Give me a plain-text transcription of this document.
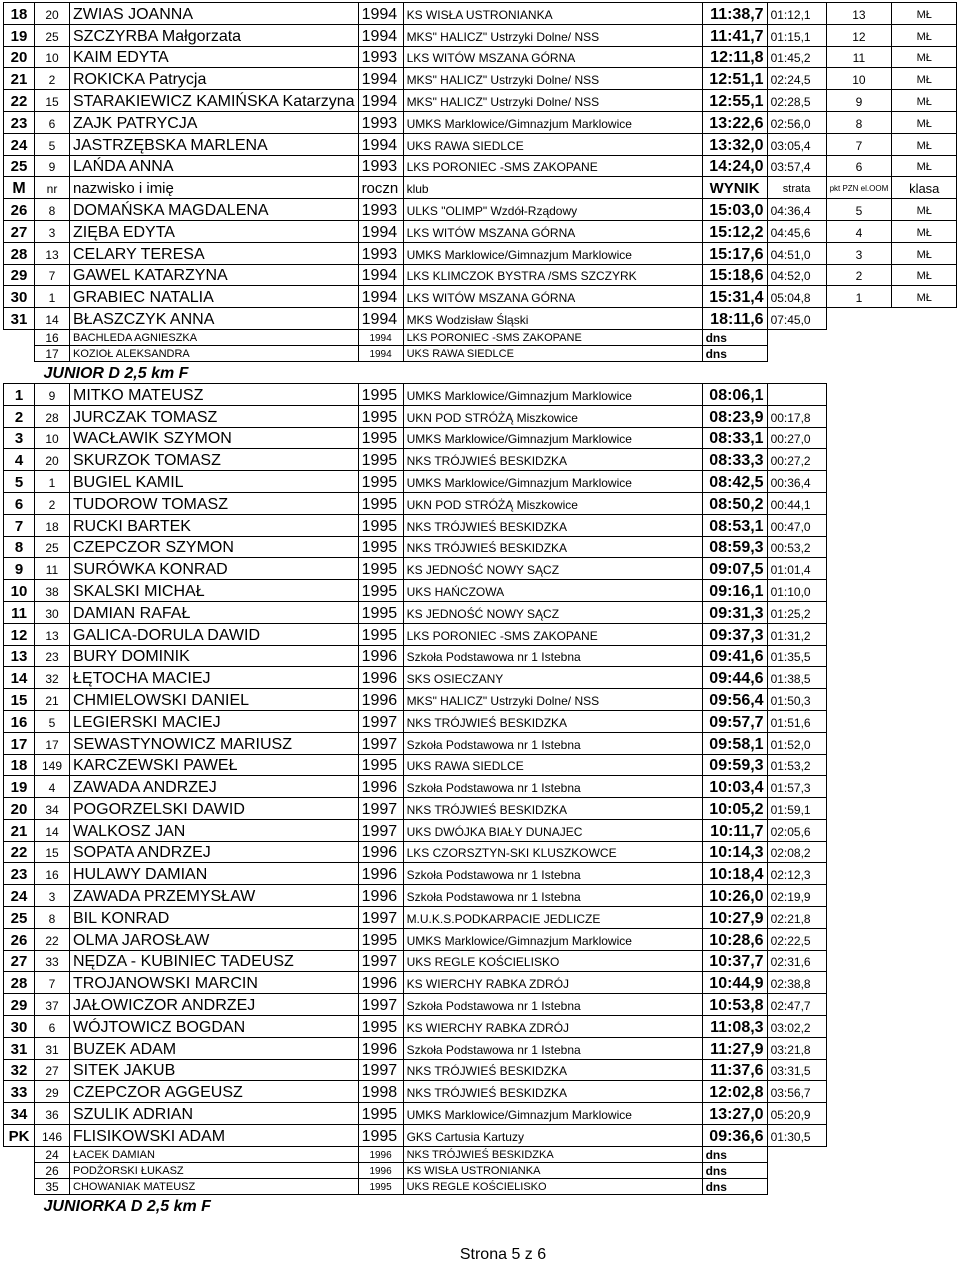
18	20	ZWIAS JOANNA	1994	KS WISŁA USTRONIANKA	11:38,7	01:12,1	13	MŁ
19	25	SZCZYRBA Małgorzata	1994	MKS" HALICZ" Ustrzyki Dolne/ NSS	11:41,7	01:15,1	12	MŁ
20	10	KAIM EDYTA	1993	LKS WITÓW MSZANA GÓRNA	12:11,8	01:45,2	11	MŁ
21	2	ROKICKA Patrycja	1994	MKS" HALICZ" Ustrzyki Dolne/ NSS	12:51,1	02:24,5	10	MŁ
22	15	STARAKIEWICZ KAMIŃSKA Katarzyna	1994	MKS" HALICZ" Ustrzyki Dolne/ NSS	12:55,1	02:28,5	9	MŁ
23	6	ZAJK PATRYCJA	1993	UMKS Marklowice/Gimnazjum Marklowice	13:22,6	02:56,0	8	MŁ
24	5	JASTRZĘBSKA MARLENA	1994	UKS RAWA SIEDLCE	13:32,0	03:05,4	7	MŁ
25	9	LAŃDA ANNA	1993	LKS PORONIEC -SMS ZAKOPANE	14:24,0	03:57,4	6	MŁ
M	nr	nazwisko i imię	roczn	klub	WYNIK	strata	pkt PZN el.OOM	klasa
26	8	DOMAŃSKA MAGDALENA	1993	ULKS "OLIMP" Wzdół-Rządowy	15:03,0	04:36,4	5	MŁ
27	3	ZIĘBA EDYTA	1994	LKS WITÓW MSZANA GÓRNA	15:12,2	04:45,6	4	MŁ
28	13	CELARY TERESA	1993	UMKS Marklowice/Gimnazjum Marklowice	15:17,6	04:51,0	3	MŁ
29	7	GAWEL KATARZYNA	1994	LKS KLIMCZOK BYSTRA /SMS SZCZYRK	15:18,6	04:52,0	2	MŁ
30	1	GRABIEC NATALIA	1994	LKS WITÓW MSZANA GÓRNA	15:31,4	05:04,8	1	MŁ
31	14	BŁASZCZYK ANNA	1994	MKS Wodzisław Śląski	18:11,6	07:45,0		
	16	BACHLEDA AGNIESZKA	1994	LKS PORONIEC -SMS ZAKOPANE	dns			
	17	KOZIOŁ ALEKSANDRA	1994	UKS RAWA SIEDLCE	dns			
JUNIOR D 2,5 km F								
1	9	MITKO MATEUSZ	1995	UMKS Marklowice/Gimnazjum Marklowice	08:06,1			
2	28	JURCZAK TOMASZ	1995	UKN POD STRÓŻĄ Miszkowice	08:23,9	00:17,8		
3	10	WACŁAWIK SZYMON	1995	UMKS Marklowice/Gimnazjum Marklowice	08:33,1	00:27,0		
4	20	SKURZOK TOMASZ	1995	NKS TRÓJWIEŚ BESKIDZKA	08:33,3	00:27,2		
5	1	BUGIEL KAMIL	1995	UMKS Marklowice/Gimnazjum Marklowice	08:42,5	00:36,4		
6	2	TUDOROW TOMASZ	1995	UKN POD STRÓŻĄ Miszkowice	08:50,2	00:44,1		
7	18	RUCKI BARTEK	1995	NKS TRÓJWIEŚ BESKIDZKA	08:53,1	00:47,0		
8	25	CZEPCZOR SZYMON	1995	NKS TRÓJWIEŚ BESKIDZKA	08:59,3	00:53,2		
9	11	SURÓWKA KONRAD	1995	KS JEDNOŚĆ NOWY SĄCZ	09:07,5	01:01,4		
10	38	SKALSKI MICHAŁ	1995	UKS HAŃCZOWA	09:16,1	01:10,0		
11	30	DAMIAN RAFAŁ	1995	KS JEDNOŚĆ NOWY SĄCZ	09:31,3	01:25,2		
12	13	GALICA-DORULA DAWID	1995	LKS PORONIEC -SMS ZAKOPANE	09:37,3	01:31,2		
13	23	BURY DOMINIK	1996	Szkoła Podstawowa nr 1 Istebna	09:41,6	01:35,5		
14	32	ŁĘTOCHA MACIEJ	1996	SKS OSIECZANY	09:44,6	01:38,5		
15	21	CHMIELOWSKI DANIEL	1996	MKS" HALICZ" Ustrzyki Dolne/ NSS	09:56,4	01:50,3		
16	5	LEGIERSKI MACIEJ	1997	NKS TRÓJWIEŚ BESKIDZKA	09:57,7	01:51,6		
17	17	SEWASTYNOWICZ MARIUSZ	1997	Szkoła Podstawowa nr 1 Istebna	09:58,1	01:52,0		
18	149	KARCZEWSKI PAWEŁ	1995	UKS RAWA SIEDLCE	09:59,3	01:53,2		
19	4	ZAWADA ANDRZEJ	1996	Szkoła Podstawowa nr 1 Istebna	10:03,4	01:57,3		
20	34	POGORZELSKI DAWID	1997	NKS TRÓJWIEŚ BESKIDZKA	10:05,2	01:59,1		
21	14	WALKOSZ JAN	1997	UKS DWÓJKA BIAŁY DUNAJEC	10:11,7	02:05,6		
22	15	SOPATA ANDRZEJ	1996	LKS CZORSZTYN-SKI KLUSZKOWCE	10:14,3	02:08,2		
23	16	HULAWY DAMIAN	1996	Szkoła Podstawowa nr 1 Istebna	10:18,4	02:12,3		
24	3	ZAWADA PRZEMYSŁAW	1996	Szkoła Podstawowa nr 1 Istebna	10:26,0	02:19,9		
25	8	BIL KONRAD	1997	M.U.K.S.PODKARPACIE JEDLICZE	10:27,9	02:21,8		
26	22	OLMA JAROSŁAW	1995	UMKS Marklowice/Gimnazjum Marklowice	10:28,6	02:22,5		
27	33	NĘDZA - KUBINIEC TADEUSZ	1997	UKS REGLE KOŚCIELISKO	10:37,7	02:31,6		
28	7	TROJANOWSKI MARCIN	1996	KS WIERCHY RABKA ZDRÓJ	10:44,9	02:38,8		
29	37	JAŁOWICZOR ANDRZEJ	1997	Szkoła Podstawowa nr 1 Istebna	10:53,8	02:47,7		
30	6	WÓJTOWICZ BOGDAN	1995	KS WIERCHY RABKA ZDRÓJ	11:08,3	03:02,2		
31	31	BUZEK ADAM	1996	Szkoła Podstawowa nr 1 Istebna	11:27,9	03:21,8		
32	27	SITEK JAKUB	1997	NKS TRÓJWIEŚ BESKIDZKA	11:37,6	03:31,5		
33	29	CZEPCZOR AGGEUSZ	1998	NKS TRÓJWIEŚ BESKIDZKA	12:02,8	03:56,7		
34	36	SZULIK ADRIAN	1995	UMKS Marklowice/Gimnazjum Marklowice	13:27,0	05:20,9		
PK	146	FLISIKOWSKI ADAM	1995	GKS Cartusia Kartuzy	09:36,6	01:30,5		
	24	ŁACEK DAMIAN	1996	NKS TRÓJWIEŚ BESKIDZKA	dns			
	26	PODŻORSKI ŁUKASZ	1996	KS WISŁA USTRONIANKA	dns			
	35	CHOWANIAK MATEUSZ	1995	UKS REGLE KOŚCIELISKO	dns			
JUNIORKA D 2,5 km F								
Strona 5 z 6
